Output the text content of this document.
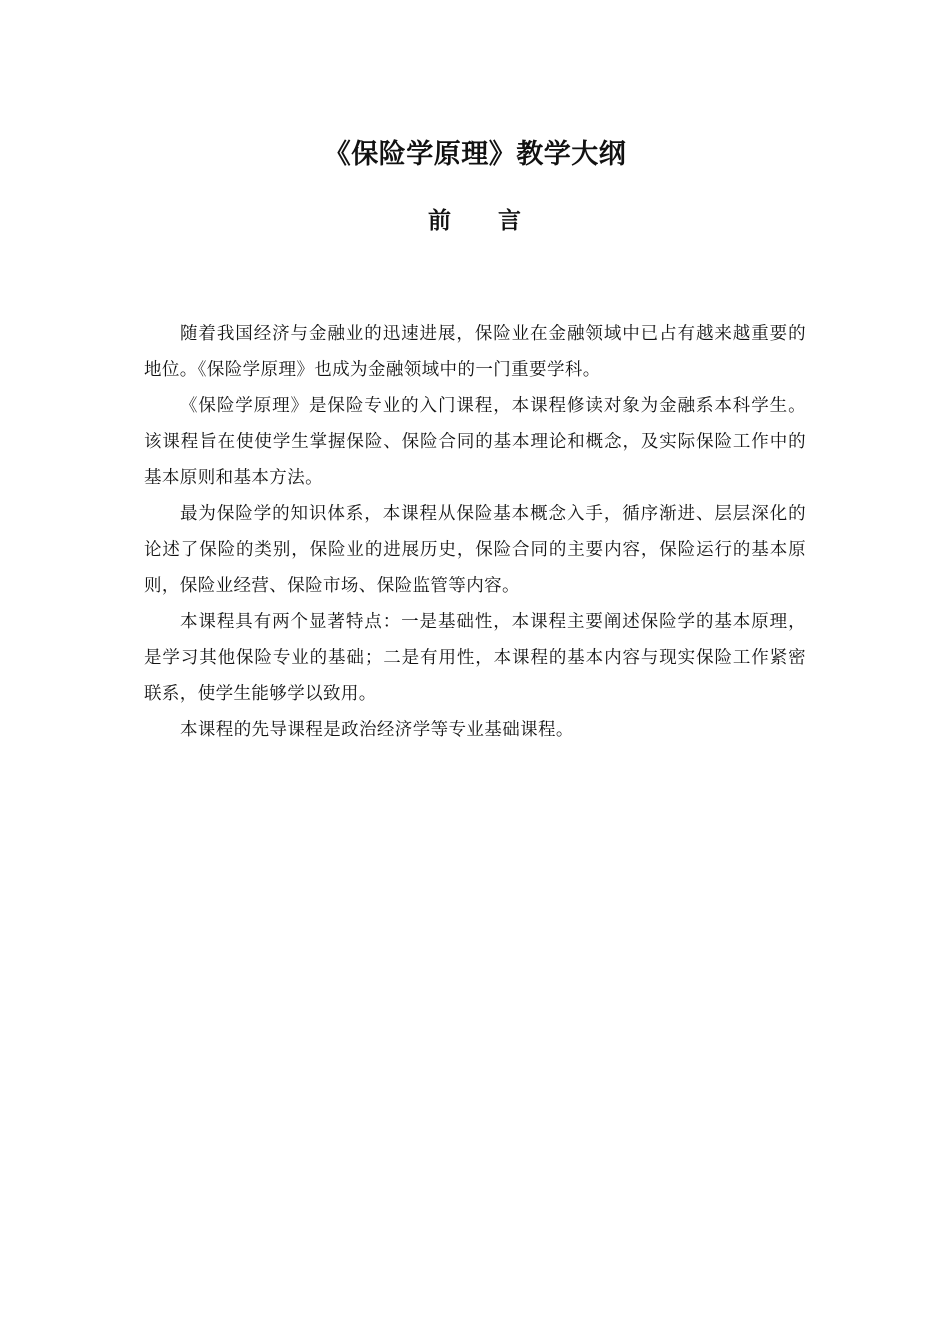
《保险学原理》教学大纲
前 言

随着我国经济与金融业的迅速进展，保险业在金融领域中已占有越来越重要的地位。《保险学原理》也成为金融领域中的一门重要学科。

《保险学原理》是保险专业的入门课程，本课程修读对象为金融系本科学生。该课程旨在使使学生掌握保险、保险合同的基本理论和概念，及实际保险工作中的基本原则和基本方法。

最为保险学的知识体系，本课程从保险基本概念入手，循序渐进、层层深化的论述了保险的类别，保险业的进展历史，保险合同的主要内容，保险运行的基本原则，保险业经营、保险市场、保险监管等内容。

本课程具有两个显著特点：一是基础性，本课程主要阐述保险学的基本原理，是学习其他保险专业的基础；二是有用性，本课程的基本内容与现实保险工作紧密联系，使学生能够学以致用。

本课程的先导课程是政治经济学等专业基础课程。
